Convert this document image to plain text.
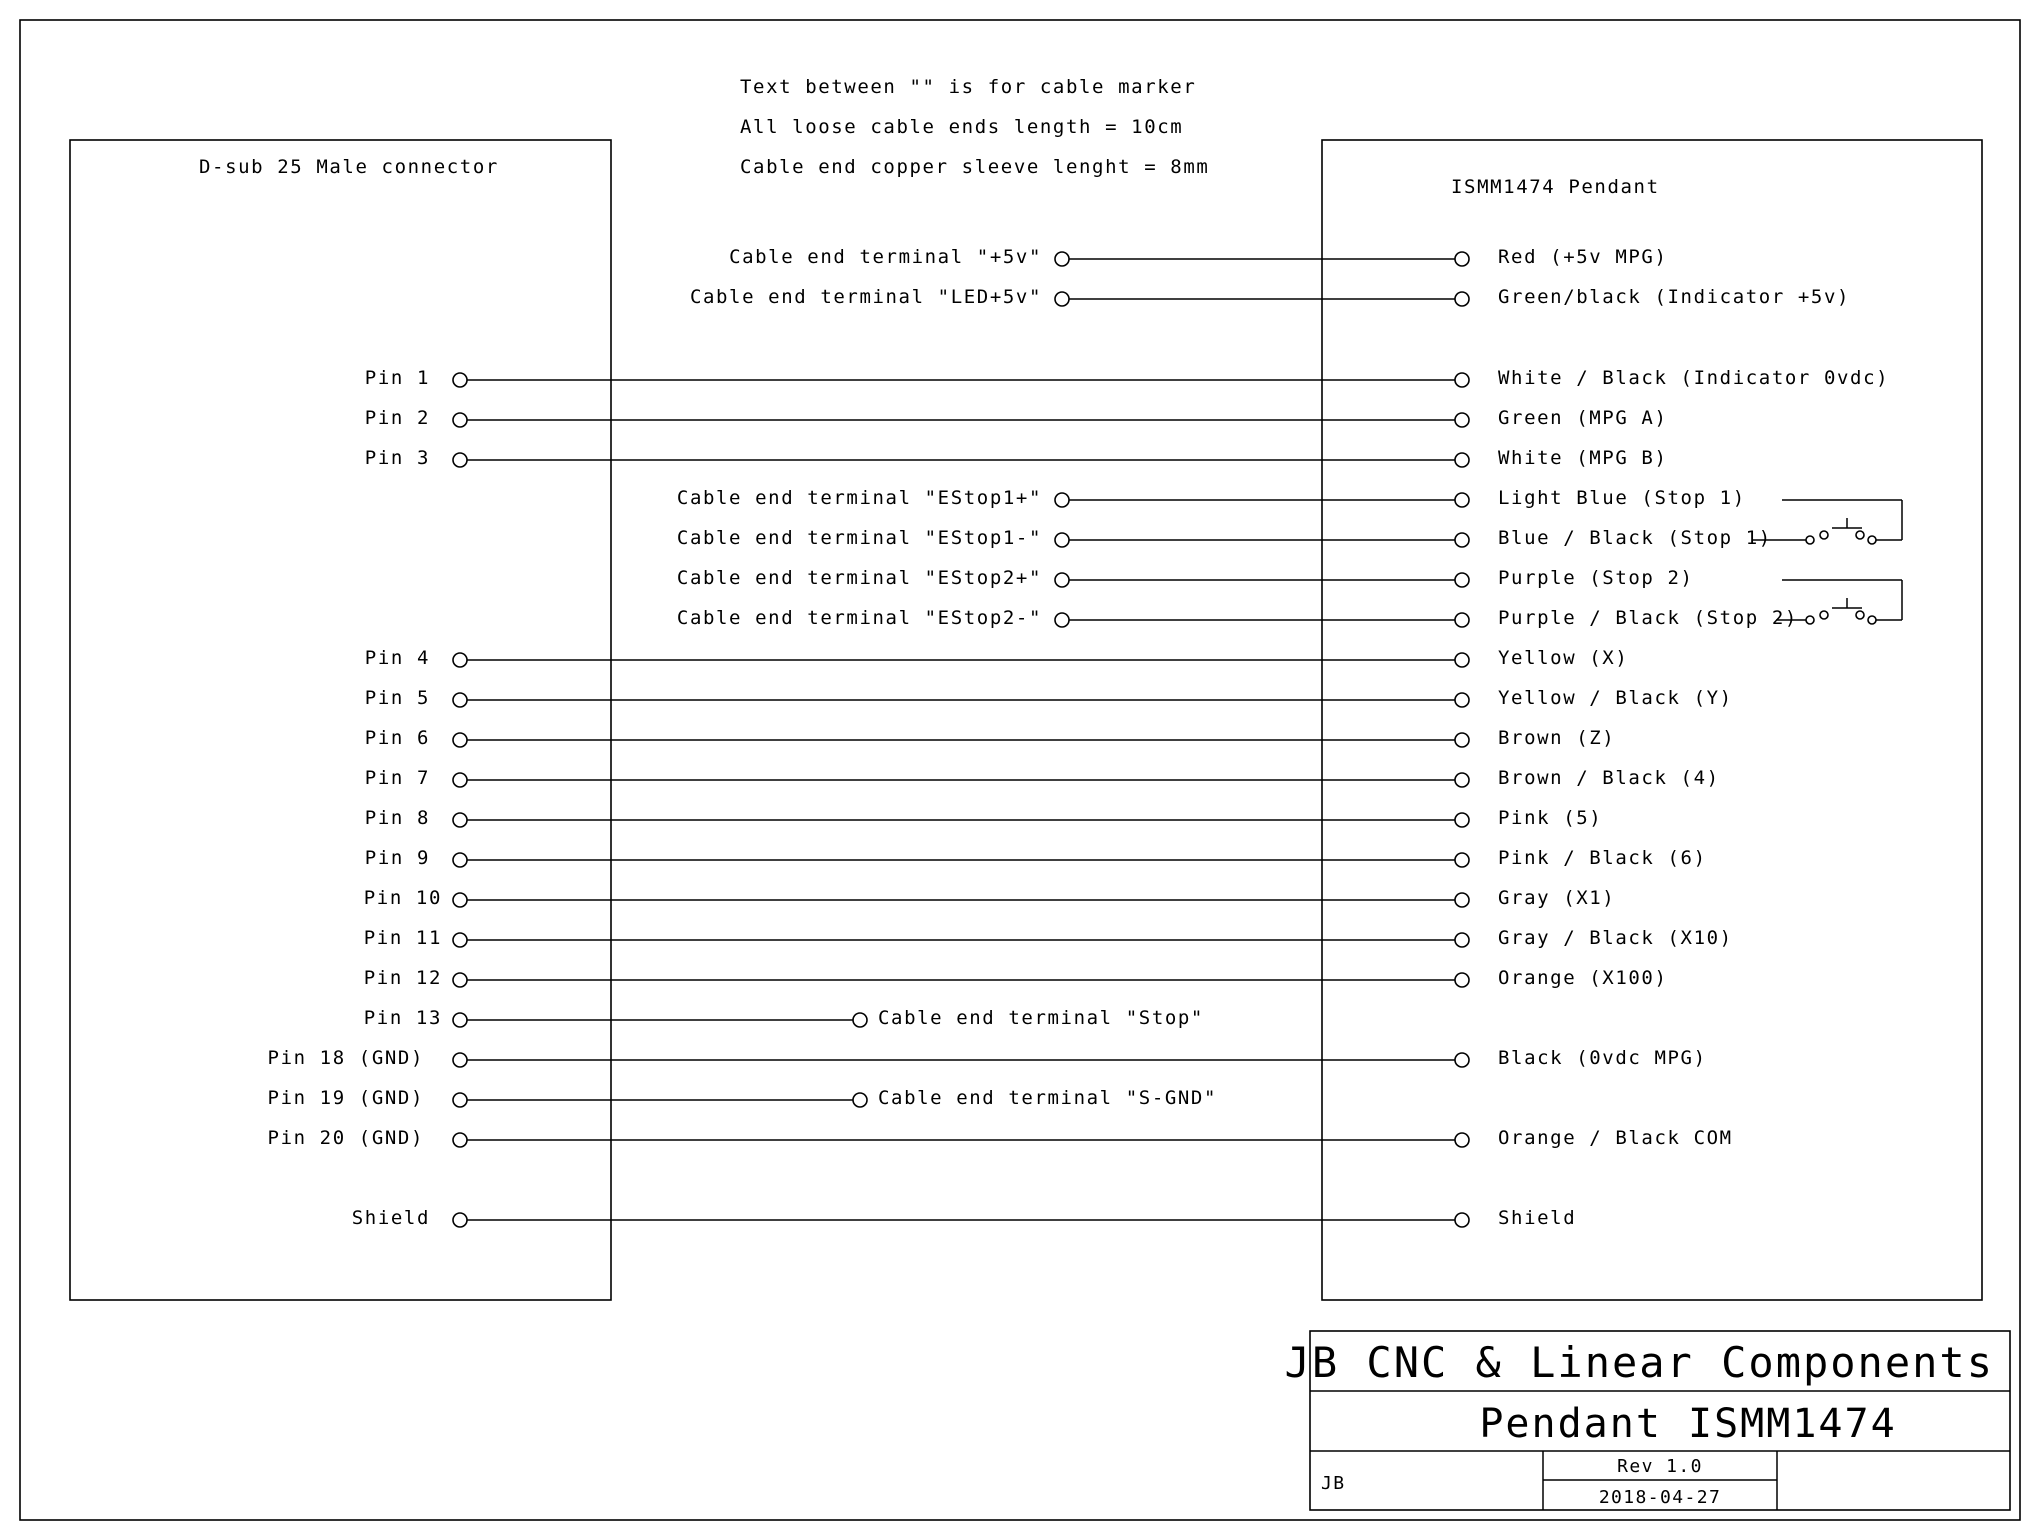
Text between "" is for cable marker
All loose cable ends length = 10cm
Cable end copper sleeve lenght = 8mm
D-sub 25 Male connector
ISMM1474 Pendant
Cable end terminal "+5v"	Red (+5v MPG)
Cable end terminal "LED+5v"	Green/black (Indicator +5v)
Pin 1	White / Black (Indicator 0vdc)
Pin 2	Green (MPG A)
Pin 3	White (MPG B)
Cable end terminal "EStop1+"	Light Blue (Stop 1)
Cable end terminal "EStop1-"	Blue / Black (Stop 1)
Cable end terminal "EStop2+"	Purple (Stop 2)
Cable end terminal "EStop2-"	Purple / Black (Stop 2)
Pin 4	Yellow (X)
Pin 5	Yellow / Black (Y)
Pin 6	Brown (Z)
Pin 7	Brown / Black (4)
Pin 8	Pink (5)
Pin 9	Pink / Black (6)
Pin 10	Gray (X1)
Pin 11	Gray / Black (X10)
Pin 12	Orange (X100)
Pin 13	Cable end terminal "Stop"
Pin 18 (GND)	Black (0vdc MPG)
Pin 19 (GND)	Cable end terminal "S-GND"
Pin 20 (GND)	Orange / Black COM
Shield	Shield
JB CNC & Linear Components
Pendant ISMM1474
JB
Rev 1.0
2018-04-27
